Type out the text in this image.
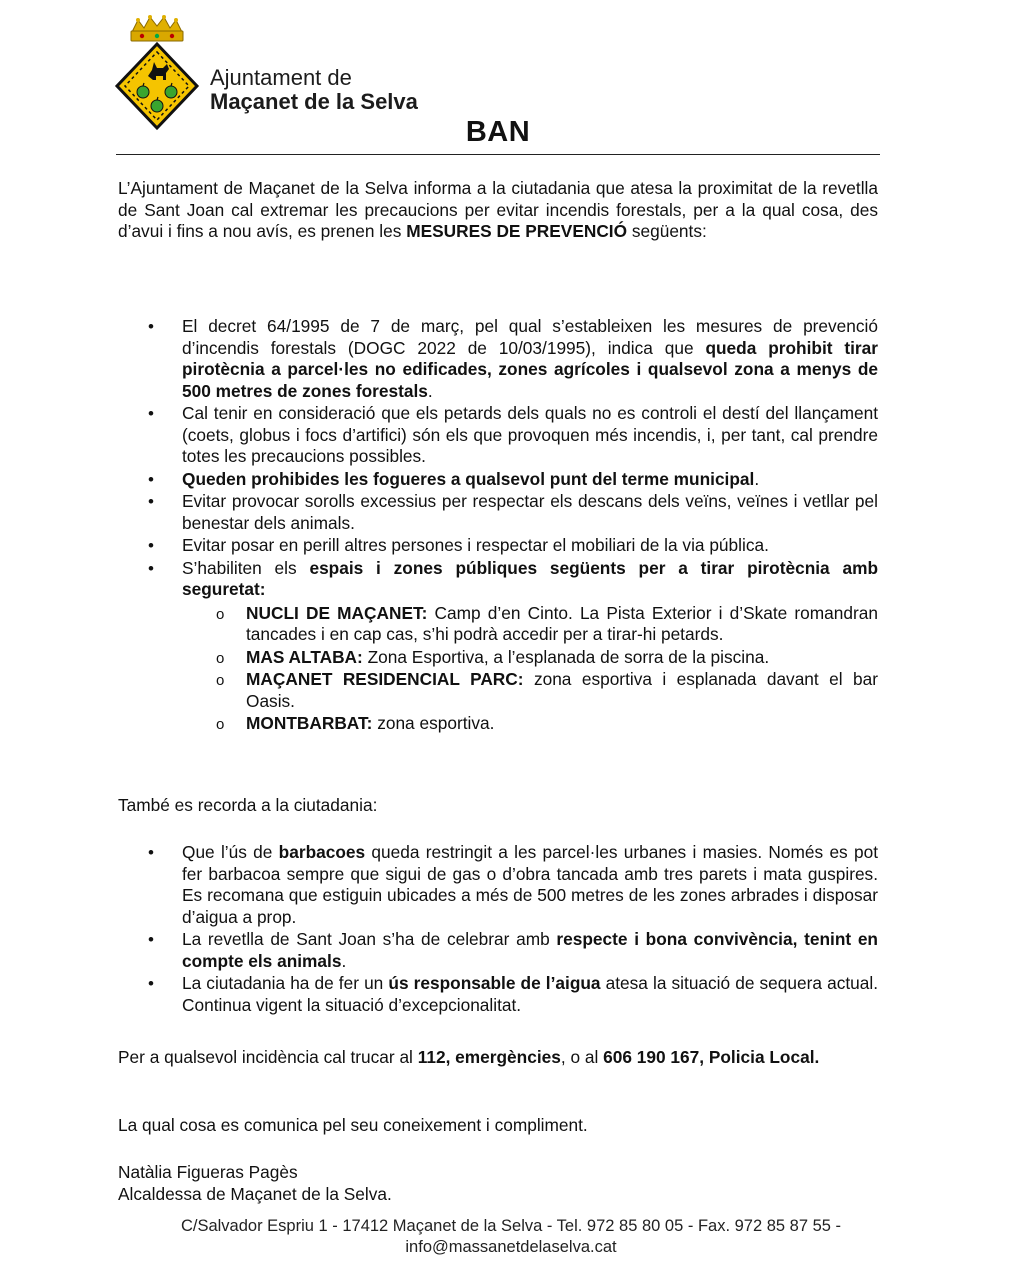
Ajuntament de
Maçanet de la Selva
BAN

L’Ajuntament de Maçanet de la Selva informa a la ciutadania que atesa la proximitat de la revetlla de Sant Joan cal extremar les precaucions per evitar incendis forestals, per a la qual cosa, des d’avui i fins a nou avís, es prenen les MESURES DE PREVENCIÓ següents:

• El decret 64/1995 de 7 de març, pel qual s’estableixen les mesures de prevenció d’incendis forestals (DOGC 2022 de 10/03/1995), indica que queda prohibit tirar pirotècnia a parcel·les no edificades, zones agrícoles i qualsevol zona a menys de 500 metres de zones forestals.
• Cal tenir en consideració que els petards dels quals no es controli el destí del llançament (coets, globus i focs d’artifici) són els que provoquen més incendis, i, per tant, cal prendre totes les precaucions possibles.
• Queden prohibides les fogueres a qualsevol punt del terme municipal.
• Evitar provocar sorolls excessius per respectar els descans dels veïns, veïnes i vetllar pel benestar dels animals.
• Evitar posar en perill altres persones i respectar el mobiliari de la via pública.
• S’habiliten els espais i zones públiques següents per a tirar pirotècnia amb seguretat:
o NUCLI DE MAÇANET: Camp d’en Cinto. La Pista Exterior i d’Skate romandran tancades i en cap cas, s’hi podrà accedir per a tirar-hi petards.
o MAS ALTABA: Zona Esportiva, a l’esplanada de sorra de la piscina.
o MAÇANET RESIDENCIAL PARC: zona esportiva i esplanada davant el bar Oasis.
o MONTBARBAT: zona esportiva.

També es recorda a la ciutadania:

• Que l’ús de barbacoes queda restringit a les parcel·les urbanes i masies. Només es pot fer barbacoa sempre que sigui de gas o d’obra tancada amb tres parets i mata guspires. Es recomana que estiguin ubicades a més de 500 metres de les zones arbrades i disposar d’aigua a prop.
• La revetlla de Sant Joan s’ha de celebrar amb respecte i bona convivència, tenint en compte els animals.
• La ciutadania ha de fer un ús responsable de l’aigua atesa la situació de sequera actual. Continua vigent la situació d’excepcionalitat.

Per a qualsevol incidència cal trucar al 112, emergències, o al 606 190 167, Policia Local.

La qual cosa es comunica pel seu coneixement i compliment.

Natàlia Figueras Pagès
Alcaldessa de Maçanet de la Selva.
C/Salvador Espriu 1 - 17412 Maçanet de la Selva - Tel. 972 85 80 05 - Fax. 972 85 87 55 -
info@massanetdelaselva.cat
